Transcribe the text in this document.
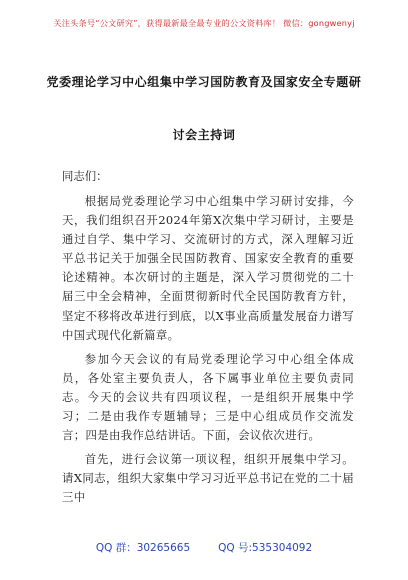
关注头条号“公文研究”，获得最新最全最专业的公文资料库！ 微信：gongwenyj
党委理论学习中心组集中学习国防教育及国家安全专题研
讨会主持词
同志们：

根据局党委理论学习中心组集中学习研讨安排，今天，我们组织召开2024年第X次集中学习研讨，主要是通过自学、集中学习、交流研讨的方式，深入理解习近平总书记关于加强全民国防教育、国家安全教育的重要论述精神。本次研讨的主题是，深入学习贯彻党的二十届三中全会精神，全面贯彻新时代全民国防教育方针，坚定不移将改革进行到底，以X事业高质量发展奋力谱写中国式现代化新篇章。

参加今天会议的有局党委理论学习中心组全体成员，各处室主要负责人，各下属事业单位主要负责同志。今天的会议共有四项议程，一是组织开展集中学习；二是由我作专题辅导；三是中心组成员作交流发言；四是由我作总结讲话。下面，会议依次进行。

首先，进行会议第一项议程，组织开展集中学习。请X同志，组织大家集中学习习近平总书记在党的二十届三中

QQ 群：30265665	QQ 号:535304092
